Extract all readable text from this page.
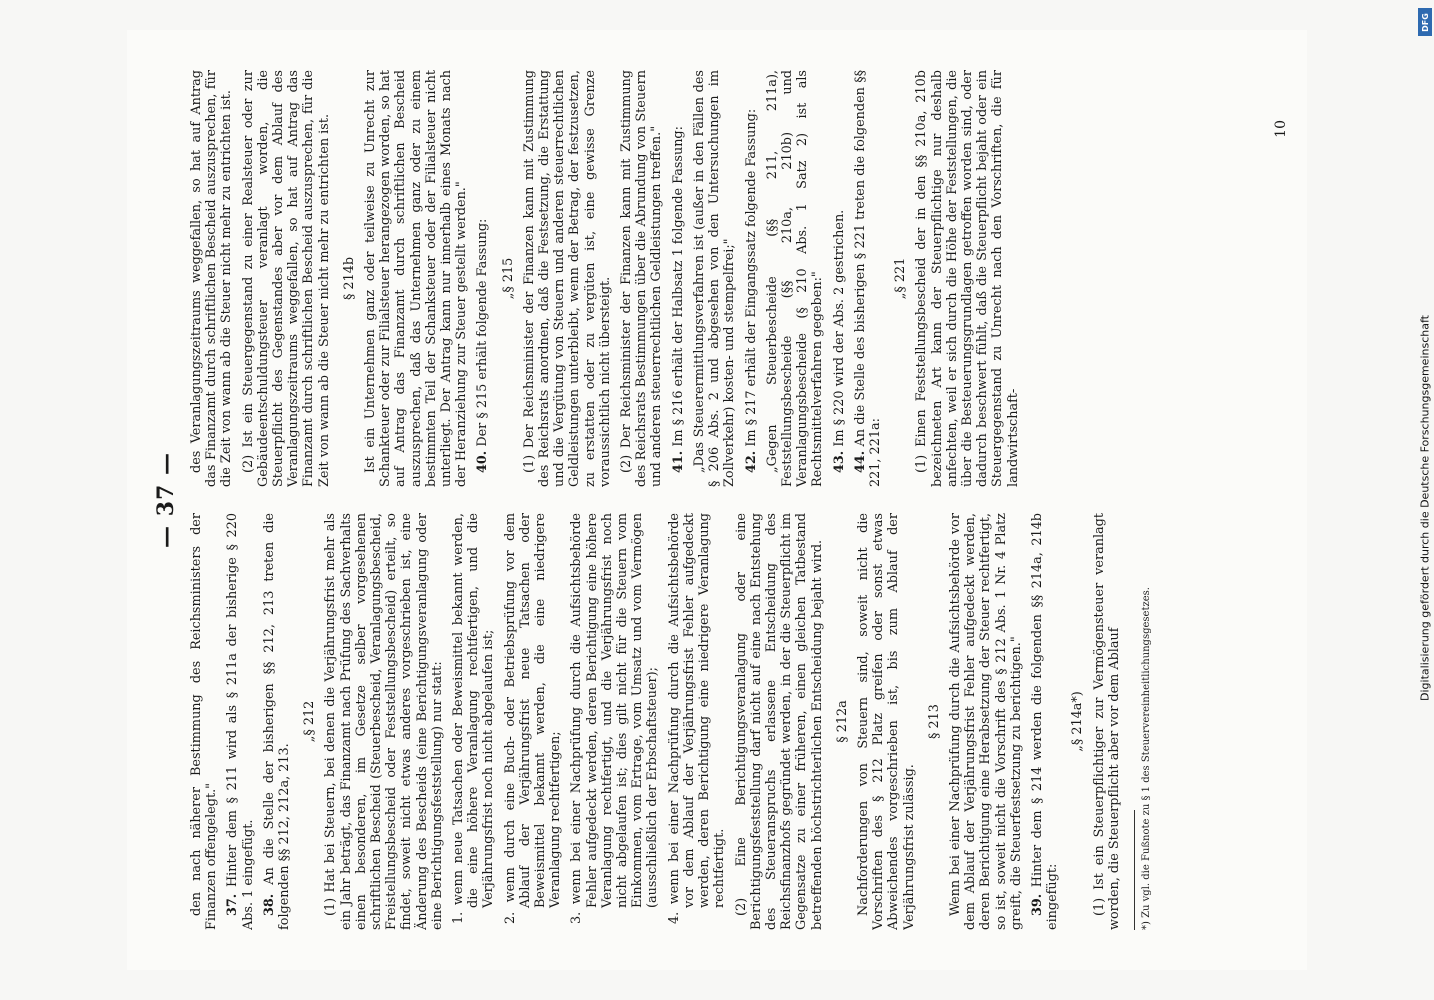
— 37 —

den nach näherer Bestimmung des Reichsministers der Finanzen offengelegt." 37. Hinter dem § 211 wird als § 211a der bisherige § 220 Abs. 1 eingefügt. 38. An die Stelle der bisherigen §§ 212, 213 treten die folgenden §§ 212, 212a, 213.

„§ 212 (1) Hat bei Steuern, bei denen die Verjährungsfrist mehr als ein Jahr beträgt, das Finanzamt nach Prüfung des Sachverhalts einen besonderen, im Gesetze selber vorgesehenen schriftlichen Bescheid (Steuerbescheid, Veranlagungsbescheid, Freistellungsbescheid oder Feststellungsbescheid) erteilt, so findet, soweit nicht etwas anderes vorgeschrieben ist, eine Änderung des Bescheids (eine Berichtigungsveranlagung oder eine Berichtigungsfeststellung) nur statt: 1. wenn neue Tatsachen oder Beweismittel bekannt werden, die eine höhere Veranlagung rechtfertigen, und die Verjährungsfrist noch nicht abgelaufen ist; 2. wenn durch eine Buch- oder Betriebsprüfung vor dem Ablauf der Verjährungsfrist neue Tatsachen oder Beweismittel bekannt werden, die eine niedrigere Veranlagung rechtfertigen; 3. wenn bei einer Nachprüfung durch die Aufsichtsbehörde Fehler aufgedeckt werden, deren Berichtigung eine höhere Veranlagung rechtfertigt, und die Verjährungsfrist noch nicht abgelaufen ist; dies gilt nicht für die Steuern vom Einkommen, vom Ertrage, vom Umsatz und vom Vermögen (ausschließlich der Erbschaftsteuer); 4. wenn bei einer Nachprüfung durch die Aufsichtsbehörde vor dem Ablauf der Verjährungsfrist Fehler aufgedeckt werden, deren Berichtigung eine niedrigere Veranlagung rechtfertigt. (2) Eine Berichtigungsveranlagung oder eine Berichtigungsfeststellung darf nicht auf eine nach Entstehung des Steueranspruchs erlassene Entscheidung des Reichsfinanzhofs gegründet werden, in der die Steuerpflicht im Gegensatze zu einer früheren, einen gleichen Tatbestand betreffenden höchstrichterlichen Entscheidung bejaht wird. § 212a Nachforderungen von Steuern sind, soweit nicht die Vorschriften des § 212 Platz greifen oder sonst etwas Abweichendes vorgeschrieben ist, bis zum Ablauf der Verjährungsfrist zulässig.

§ 213 Wenn bei einer Nachprüfung durch die Aufsichtsbehörde vor dem Ablauf der Verjährungsfrist Fehler aufgedeckt werden, deren Berichtigung eine Herabsetzung der Steuer rechtfertigt, so ist, soweit nicht die Vorschrift des § 212 Abs. 1 Nr. 4 Platz greift, die Steuerfestsetzung zu berichtigen." 39. Hinter dem § 214 werden die folgenden §§ 214a, 214b eingefügt:

„§ 214a*) (1) Ist ein Steuerpflichtiger zur Vermögensteuer veranlagt worden, die Steuerpflicht aber vor dem Ablauf *) Zu vgl. die Fußnote zu § 1 des Steuervereinheitlichungsgesetzes.

des Veranlagungszeitraums weggefallen, so hat auf Antrag das Finanzamt durch schriftlichen Bescheid auszusprechen, für die Zeit von wann ab die Steuer nicht mehr zu entrichten ist. (2) Ist ein Steuergegenstand zu einer Realsteuer oder zur Gebäudeentschuldungsteuer veranlagt worden, die Steuerpflicht des Gegenstandes aber vor dem Ablauf des Veranlagungszeitraums weggefallen, so hat auf Antrag das Finanzamt durch schriftlichen Bescheid auszusprechen, für die Zeit von wann ab die Steuer nicht mehr zu entrichten ist. § 214b Ist ein Unternehmen ganz oder teilweise zu Unrecht zur Schankteuer oder zur Filialsteuer herangezogen worden, so hat auf Antrag das Finanzamt durch schriftlichen Bescheid auszusprechen, daß das Unternehmen ganz oder zu einem bestimmten Teil der Schanksteuer oder der Filialsteuer nicht unterliegt. Der Antrag kann nur innerhalb eines Monats nach der Heranziehung zur Steuer gestellt werden." 40. Der § 215 erhält folgende Fassung: „§ 215 (1) Der Reichsminister der Finanzen kann mit Zustimmung des Reichsrats anordnen, daß die Festsetzung, die Erstattung und die Vergütung von Steuern und anderen steuerrechtlichen Geldleistungen unterbleibt, wenn der Betrag, der festzusetzen, zu erstatten oder zu vergüten ist, eine gewisse Grenze voraussichtlich nicht übersteigt. (2) Der Reichsminister der Finanzen kann mit Zustimmung des Reichsrats Bestimmungen über die Abrundung von Steuern und anderen steuerrechtlichen Geldleistungen treffen." 41. Im § 216 erhält der Halbsatz 1 folgende Fassung: „Das Steuerermittlungsverfahren ist (außer in den Fällen des § 206 Abs. 2 und abgesehen von den Untersuchungen im Zollverkehr) kosten- und stempelfrei;" 42. Im § 217 erhält der Eingangssatz folgende Fassung: „Gegen Steuerbescheide (§§ 211, 211a), Feststellungsbescheide (§§ 210a, 210b) und Veranlagungsbescheide (§ 210 Abs. 1 Satz 2) ist als Rechtsmittelverfahren gegeben:" 43. Im § 220 wird der Abs. 2 gestrichen.

44. An die Stelle des bisherigen § 221 treten die folgenden §§ 221, 221a:

„§ 221 (1) Einen Feststellungsbescheid der in den §§ 210a, 210b bezeichneten Art kann der Steuerpflichtige nur deshalb anfechten, weil er sich durch die Höhe der Feststellungen, die über die Besteuerungsgrundlagen getroffen worden sind, oder dadurch beschwert fühlt, daß die Steuerpflicht bejaht oder ein Steuergegenstand zu Unrecht nach den Vorschriften, die für landwirtschaft-

10
DFG
Digitalisierung gefördert durch die Deutsche Forschungsgemeinschaft
